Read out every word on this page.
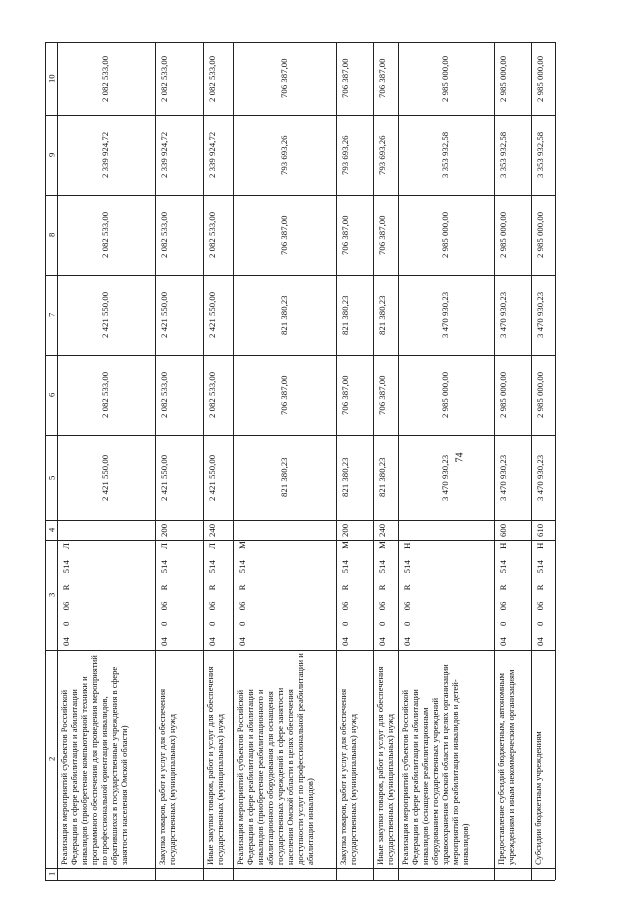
74
1
2
3
4
5
6
7
8
9
10
Реализация мероприятий субъектов Российской Федерации в сфере реабилитации и абилитации инвалидов (приобретение компьютерной техники и программного обеспечения для проведения мероприятий по профессиональной ориентации инвалидов, обратившихся в государственные учреждения в сфере занятости населения Омской области)
04 0 06 R 514 Л
2 421 550,00
2 082 533,00
2 421 550,00
2 082 533,00
2 339 924,72
2 082 533,00
Закупка товаров, работ и услуг для обеспечения государственных (муниципальных) нужд
04 0 06 R 514 Л
200
2 421 550,00
2 082 533,00
2 421 550,00
2 082 533,00
2 339 924,72
2 082 533,00
Иные закупки товаров, работ и услуг для обеспечения государственных (муниципальных) нужд
04 0 06 R 514 Л
240
2 421 550,00
2 082 533,00
2 421 550,00
2 082 533,00
2 339 924,72
2 082 533,00
Реализация мероприятий субъектов Российской Федерации в сфере реабилитации и абилитации инвалидов (приобретение реабилитационного и абилитационного оборудования для оснащения государственных учреждений в сфере занятости населения Омской области в целях обеспечения доступности услуг по профессиональной реабилитации и абилитации инвалидов)
04 0 06 R 514 М
821 380,23
706 387,00
821 380,23
706 387,00
793 693,26
706 387,00
Закупка товаров, работ и услуг для обеспечения государственных (муниципальных) нужд
04 0 06 R 514 М
200
821 380,23
706 387,00
821 380,23
706 387,00
793 693,26
706 387,00
Иные закупки товаров, работ и услуг для обеспечения государственных (муниципальных) нужд
04 0 06 R 514 М
240
821 380,23
706 387,00
821 380,23
706 387,00
793 693,26
706 387,00
Реализация мероприятий субъектов Российской Федерации в сфере реабилитации и абилитации инвалидов (оснащение реабилитационным оборудованием государственных учреждений здравоохранения Омской области в целях организации мероприятий по реабилитации инвалидов и детей-инвалидов)
04 0 06 R 514 Н
3 470 930,23
2 985 000,00
3 470 930,23
2 985 000,00
3 353 932,58
2 985 000,00
Предоставление субсидий бюджетным, автономным учреждениям и иным некоммерческим организациям
04 0 06 R 514 Н
600
3 470 930,23
2 985 000,00
3 470 930,23
2 985 000,00
3 353 932,58
2 985 000,00
Субсидии бюджетным учреждениям
04 0 06 R 514 Н
610
3 470 930,23
2 985 000,00
3 470 930,23
2 985 000,00
3 353 932,58
2 985 000,00
